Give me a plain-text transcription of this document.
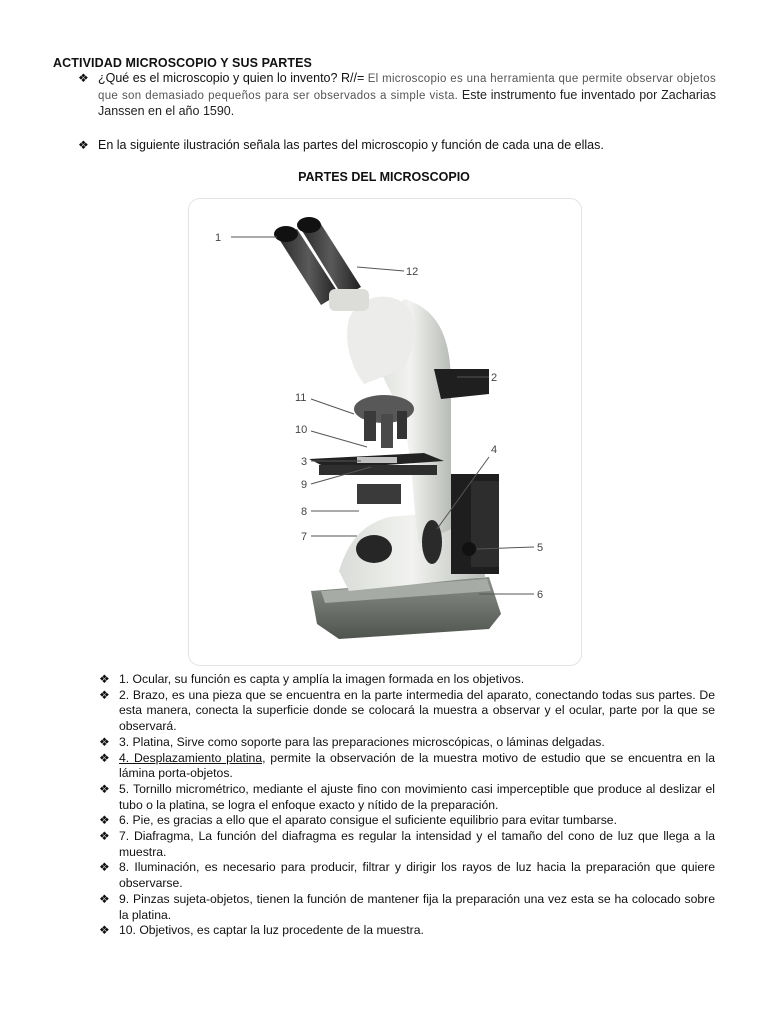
ACTIVIDAD MICROSCOPIO Y SUS PARTES
❖ ¿Qué es el microscopio y quien lo invento? R//= El microscopio es una herramienta que permite observar objetos que son demasiado pequeños para ser observados a simple vista. Este instrumento fue inventado por Zacharias Janssen en el año 1590.
❖ En la siguiente ilustración señala las partes del microscopio y función de cada una de ellas.
PARTES DEL MICROSCOPIO
1
12
2
11
10
4
3
9
8
7
5
6

❖ 1. Ocular, su función es capta y amplía la imagen formada en los objetivos.

❖ 2. Brazo, es una pieza que se encuentra en la parte intermedia del aparato, conectando todas sus partes. De esta manera, conecta la superficie donde se colocará la muestra a observar y el ocular, parte por la que se observará.

❖ 3. Platina, Sirve como soporte para las preparaciones microscópicas, o láminas delgadas.

❖ 4. Desplazamiento platina, permite la observación de la muestra motivo de estudio que se encuentra en la lámina porta-objetos.

❖ 5. Tornillo micrométrico, mediante el ajuste fino con movimiento casi imperceptible que produce al deslizar el tubo o la platina, se logra el enfoque exacto y nítido de la preparación.

❖ 6. Pie, es gracias a ello que el aparato consigue el suficiente equilibrio para evitar tumbarse.

❖ 7. Diafragma, La función del diafragma es regular la intensidad y el tamaño del cono de luz que llega a la muestra.

❖ 8. Iluminación, es necesario para producir, filtrar y dirigir los rayos de luz hacia la preparación que quiere observarse.

❖ 9. Pinzas sujeta-objetos, tienen la función de mantener fija la preparación una vez esta se ha colocado sobre la platina.

❖ 10. Objetivos, es captar la luz procedente de la muestra.
